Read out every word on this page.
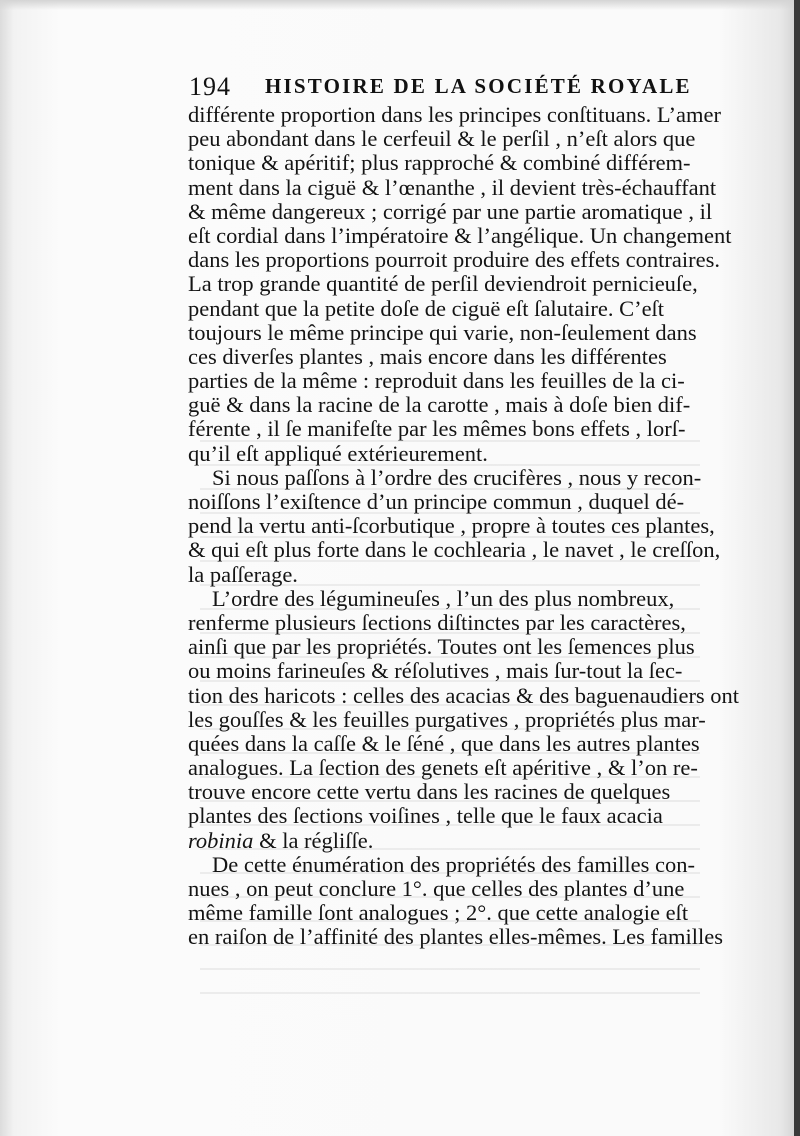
194 HISTOIRE DE LA SOCIÉTÉ ROYALE
différente proportion dans les principes conſtituans. L’amer
peu abondant dans le cerfeuil & le perſil , n’eſt alors que
tonique & apéritif; plus rapproché & combiné différem-
ment dans la ciguë & l’œnanthe , il devient très-échauffant
& même dangereux ; corrigé par une partie aromatique , il
eſt cordial dans l’impératoire & l’angélique. Un changement
dans les proportions pourroit produire des effets contraires.
La trop grande quantité de perſil deviendroit pernicieuſe,
pendant que la petite doſe de ciguë eſt ſalutaire. C’eſt
toujours le même principe qui varie, non-ſeulement dans
ces diverſes plantes , mais encore dans les différentes
parties de la même : reproduit dans les feuilles de la ci-
guë & dans la racine de la carotte , mais à doſe bien dif-
férente , il ſe manifeſte par les mêmes bons effets , lorſ-
qu’il eſt appliqué extérieurement.
Si nous paſſons à l’ordre des crucifères , nous y recon-
noiſſons l’exiſtence d’un principe commun , duquel dé-
pend la vertu anti-ſcorbutique , propre à toutes ces plantes,
& qui eſt plus forte dans le cochlearia , le navet , le creſſon,
la paſſerage.
L’ordre des légumineuſes , l’un des plus nombreux,
renferme plusieurs ſections diſtinctes par les caractères,
ainſi que par les propriétés. Toutes ont les ſemences plus
ou moins farineuſes & réſolutives , mais ſur-tout la ſec-
tion des haricots : celles des acacias & des baguenaudiers ont
les gouſſes & les feuilles purgatives , propriétés plus mar-
quées dans la caſſe & le ſéné , que dans les autres plantes
analogues. La ſection des genets eſt apéritive , & l’on re-
trouve encore cette vertu dans les racines de quelques
plantes des ſections voiſines , telle que le faux acacia
robinia & la régliſſe.
De cette énumération des propriétés des familles con-
nues , on peut conclure 1°. que celles des plantes d’une
même famille ſont analogues ; 2°. que cette analogie eſt
en raiſon de l’affinité des plantes elles-mêmes. Les familles
